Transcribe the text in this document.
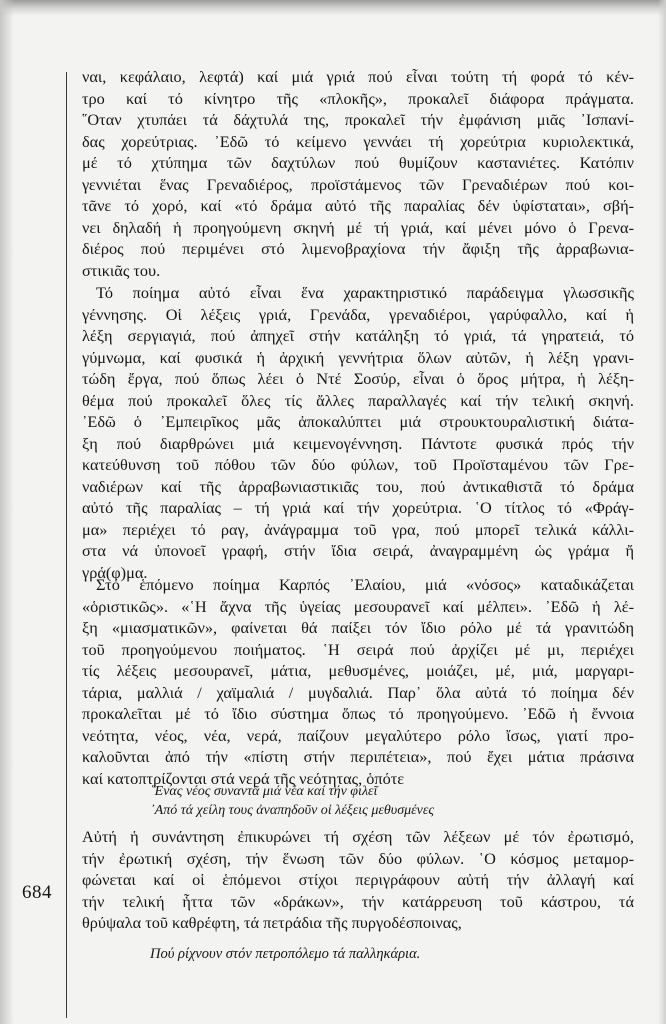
684
ναι, κεφάλαιο, λεφτά) καί μιά γριά πού εἶναι τούτη τή φορά τό κέν-
τρο καί τό κίνητρο τῆς «πλοκῆς», προκαλεῖ διάφορα πράγματα.
῞Οταν χτυπάει τά δάχτυλά της, προκαλεῖ τήν ἐμφάνιση μιᾶς ᾽Ισπανί-
δας χορεύτριας. ᾽Εδῶ τό κείμενο γεννάει τή χορεύτρια κυριολεκτικά,
μέ τό χτύπημα τῶν δαχτύλων πού θυμίζουν καστανιέτες. Κατόπιν
γεννιέται ἕνας Γρεναδιέρος, προϊστάμενος τῶν Γρεναδιέρων πού κοι-
τᾶνε τό χορό, καί «τό δράμα αὐτό τῆς παραλίας δέν ὑφίσταται», σβή-
νει δηλαδή ἡ προηγούμενη σκηνή μέ τή γριά, καί μένει μόνο ὁ Γρενα-
διέρος πού περιμένει στό λιμενοβραχίονα τήν ἄφιξη τῆς ἀρραβωνια-
στικιᾶς του.
Τό ποίημα αὐτό εἶναι ἕνα χαρακτηριστικό παράδειγμα γλωσσικῆς
γέννησης. Οἱ λέξεις γριά, Γρενάδα, γρεναδιέροι, γαρύφαλλο, καί ἡ
λέξη σεργιαγιά, πού ἀπηχεῖ στήν κατάληξη τό γριά, τά γηρατειά, τό
γύμνωμα, καί φυσικά ἡ ἀρχική γεννήτρια ὅλων αὐτῶν, ἡ λέξη γρανι-
τώδη ἔργα, πού ὅπως λέει ὁ Ντέ Σοσύρ, εἶναι ὁ ὅρος μήτρα, ἡ λέξη-
θέμα πού προκαλεῖ ὅλες τίς ἄλλες παραλλαγές καί τήν τελική σκηνή.
᾽Εδῶ ὁ ᾽Εμπειρῖκος μᾶς ἀποκαλύπτει μιά στρουκτουραλιστική διάτα-
ξη πού διαρθρώνει μιά κειμενογέννηση. Πάντοτε φυσικά πρός τήν
κατεύθυνση τοῦ πόθου τῶν δύο φύλων, τοῦ Προϊσταμένου τῶν Γρε-
ναδιέρων καί τῆς ἀρραβωνιαστικιᾶς του, πού ἀντικαθιστᾶ τό δράμα
αὐτό τῆς παραλίας – τή γριά καί τήν χορεύτρια. ῾Ο τίτλος τό «Φράγ-
μα» περιέχει τό ραγ, ἀνάγραμμα τοῦ γρα, πού μπορεῖ τελικά κάλλι-
στα νά ὑπονοεῖ γραφή, στήν ἴδια σειρά, ἀναγραμμένη ὡς γράμα ἤ
γρά(φ)μα.
Στό ἑπόμενο ποίημα Καρπός ᾽Ελαίου, μιά «νόσος» καταδικάζεται
«ὁριστικῶς». «῾Η ἄχνα τῆς ὑγείας μεσουρανεῖ καί μέλπει». ᾽Εδῶ ἡ λέ-
ξη «μιασματικῶν», φαίνεται θά παίξει τόν ἴδιο ρόλο μέ τά γρανιτώδη
τοῦ προηγούμενου ποιήματος. ῾Η σειρά πού ἀρχίζει μέ μι, περιέχει
τίς λέξεις μεσουρανεῖ, μάτια, μεθυσμένες, μοιάζει, μέ, μιά, μαργαρι-
τάρια, μαλλιά / χαϊμαλιά / μυγδαλιά. Παρ᾽ ὅλα αὐτά τό ποίημα δέν
προκαλεῖται μέ τό ἴδιο σύστημα ὅπως τό προηγούμενο. ᾽Εδῶ ἡ ἔννοια
νεότητα, νέος, νέα, νερά, παίζουν μεγαλύτερο ρόλο ἴσως, γιατί προ-
καλοῦνται ἀπό τήν «πίστη στήν περιπέτεια», πού ἔχει μάτια πράσινα
καί κατοπτρίζονται στά νερά τῆς νεότητας, ὁπότε
῞Ενας νέος συναντᾶ μιά νέα καί τήν φιλεῖ
᾽Από τά χείλη τους ἀναπηδοῦν οἱ λέξεις μεθυσμένες
Αὐτή ἡ συνάντηση ἐπικυρώνει τή σχέση τῶν λέξεων μέ τόν ἐρωτισμό,
τήν ἐρωτική σχέση, τήν ἕνωση τῶν δύο φύλων. ῾Ο κόσμος μεταμορ-
φώνεται καί οἱ ἑπόμενοι στίχοι περιγράφουν αὐτή τήν ἀλλαγή καί
τήν τελική ἧττα τῶν «δράκων», τήν κατάρρευση τοῦ κάστρου, τά
θρύψαλα τοῦ καθρέφτη, τά πετράδια τῆς πυργοδέσποινας,
Πού ρίχνουν στόν πετροπόλεμο τά παλληκάρια.
